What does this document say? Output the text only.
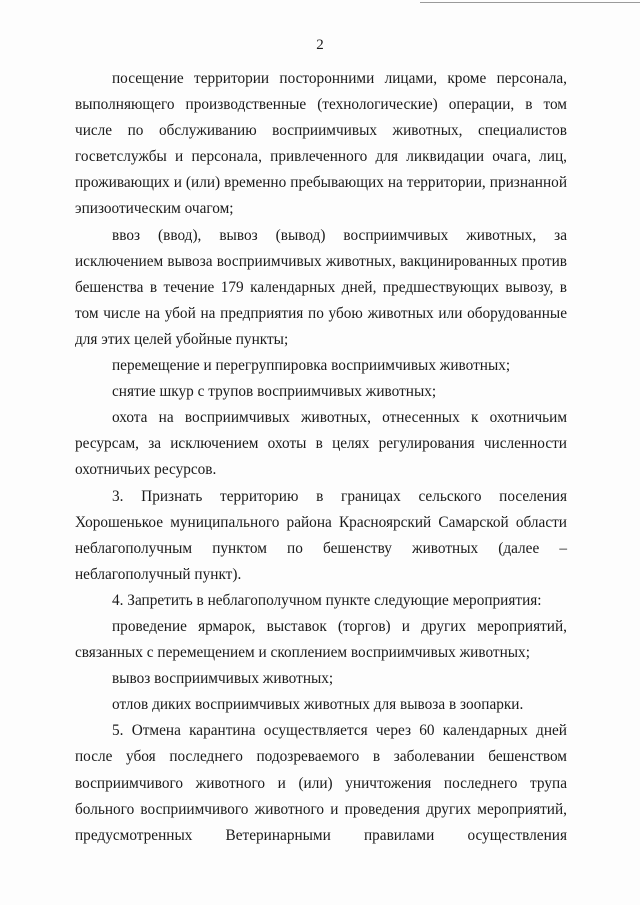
2

посещение территории посторонними лицами, кроме персонала, выполняющего производственные (технологические) операции, в том числе по обслуживанию восприимчивых животных, специалистов госветслужбы и персонала, привлеченного для ликвидации очага, лиц, проживающих и (или) временно пребывающих на территории, признанной эпизоотическим очагом;

ввоз (ввод), вывоз (вывод) восприимчивых животных, за исключением вывоза восприимчивых животных, вакцинированных против бешенства в течение 179 календарных дней, предшествующих вывозу, в том числе на убой на предприятия по убою животных или оборудованные для этих целей убойные пункты;

перемещение и перегруппировка восприимчивых животных;

снятие шкур с трупов восприимчивых животных;

охота на восприимчивых животных, отнесенных к охотничьим ресурсам, за исключением охоты в целях регулирования численности охотничьих ресурсов.

3. Признать территорию в границах сельского поселения Хорошенькое муниципального района Красноярский Самарской области неблагополучным пунктом по бешенству животных (далее – неблагополучный пункт).

4. Запретить в неблагополучном пункте следующие мероприятия:

проведение ярмарок, выставок (торгов) и других мероприятий, связанных с перемещением и скоплением восприимчивых животных;

вывоз восприимчивых животных;

отлов диких восприимчивых животных для вывоза в зоопарки.

5. Отмена карантина осуществляется через 60 календарных дней после убоя последнего подозреваемого в заболевании бешенством восприимчивого животного и (или) уничтожения последнего трупа больного восприимчивого животного и проведения других мероприятий, предусмотренных Ветеринарными правилами осуществления
